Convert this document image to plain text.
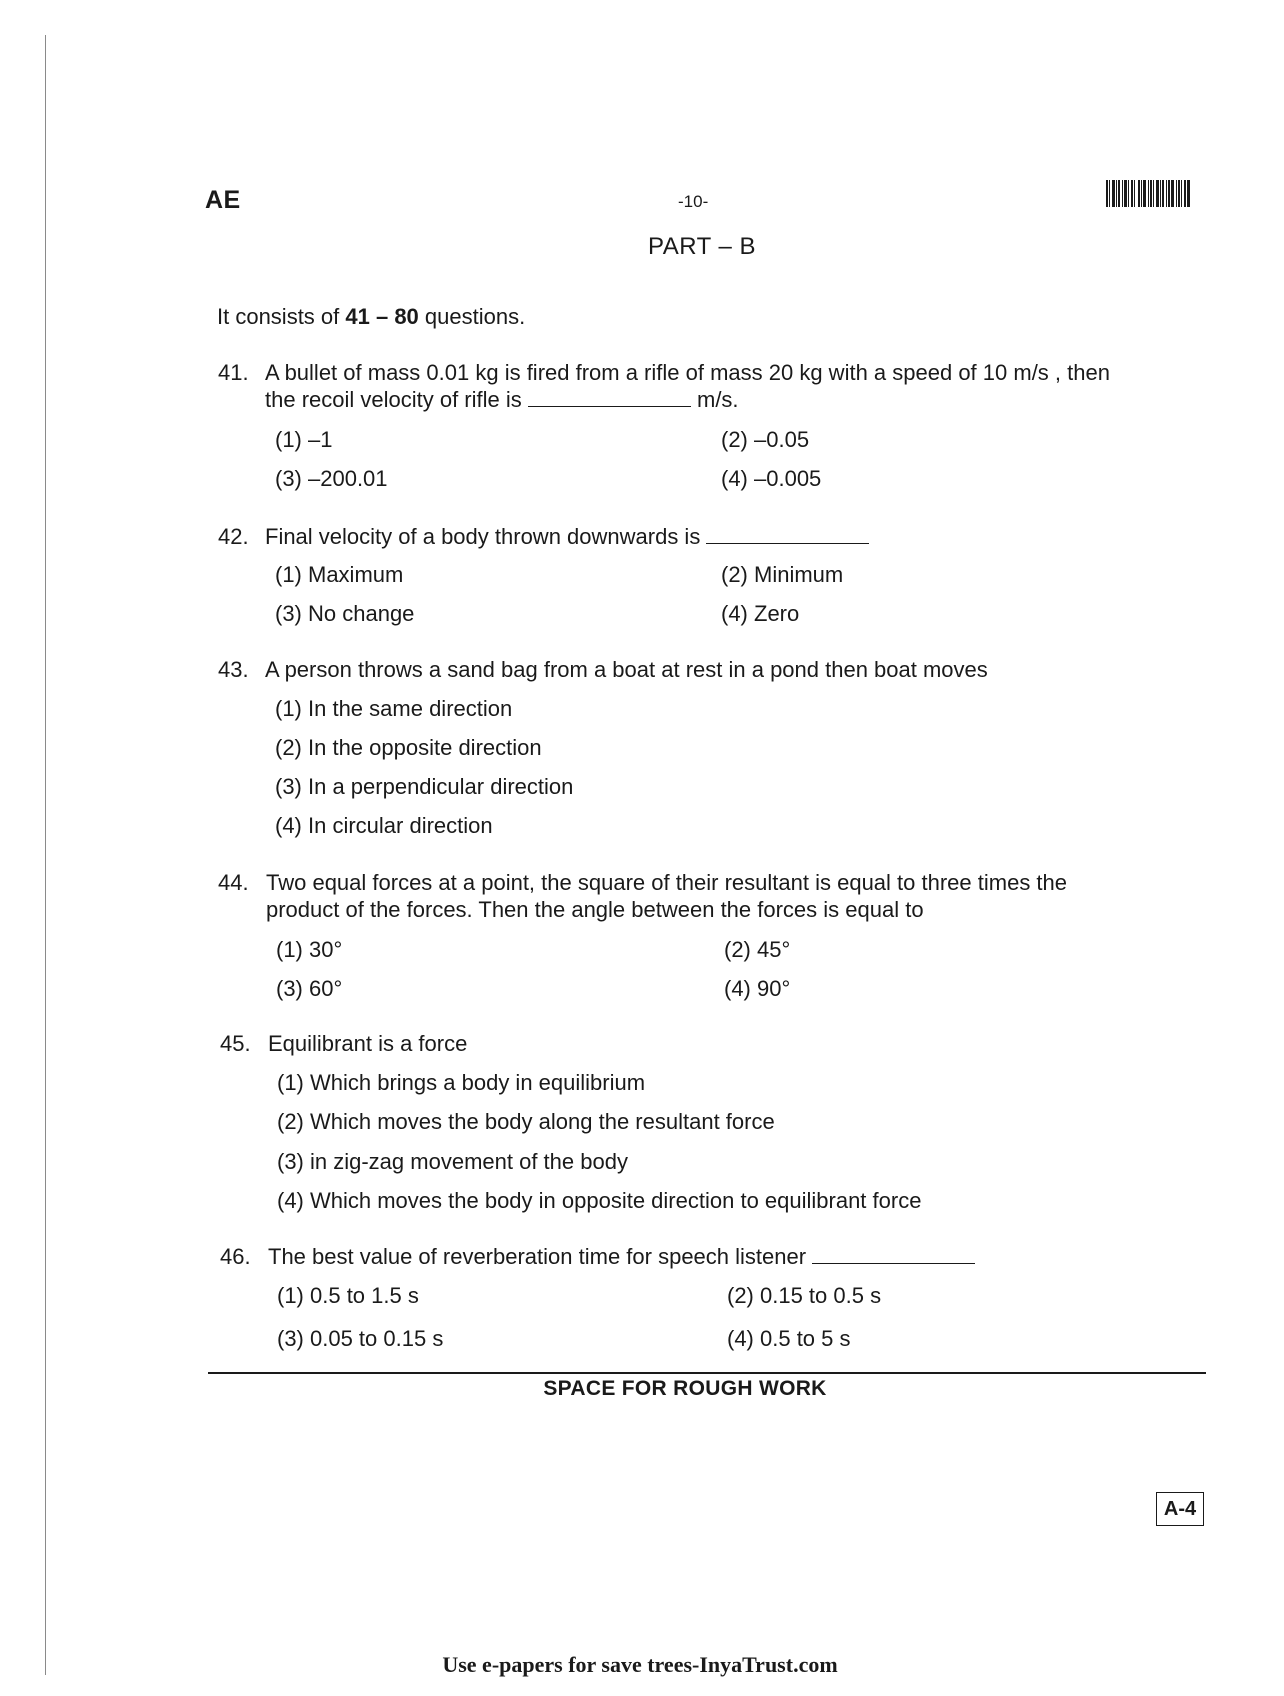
AE	-10-
PART – B
It consists of 41 – 80 questions.
41. A bullet of mass 0.01 kg is fired from a rifle of mass 20 kg with a speed of 10 m/s , then
the recoil velocity of rifle is	m/s.
(1) –1	(2) –0.05
(3) –200.01	(4) –0.005
42. Final velocity of a body thrown downwards is
(1) Maximum	(2) Minimum
(3) No change	(4) Zero
43. A person throws a sand bag from a boat at rest in a pond then boat moves
(1) In the same direction
(2) In the opposite direction
(3) In a perpendicular direction
(4) In circular direction
44. Two equal forces at a point, the square of their resultant is equal to three times the
product of the forces. Then the angle between the forces is equal to
(1) 30°	(2) 45°
(3) 60°	(4) 90°
45. Equilibrant is a force
(1) Which brings a body in equilibrium
(2) Which moves the body along the resultant force
(3) in zig-zag movement of the body
(4) Which moves the body in opposite direction to equilibrant force
46. The best value of reverberation time for speech listener
(1) 0.5 to 1.5 s	(2) 0.15 to 0.5 s
(3) 0.05 to 0.15 s	(4) 0.5 to 5 s
SPACE FOR ROUGH WORK
A-4
Use e-papers for save trees-InyaTrust.com
